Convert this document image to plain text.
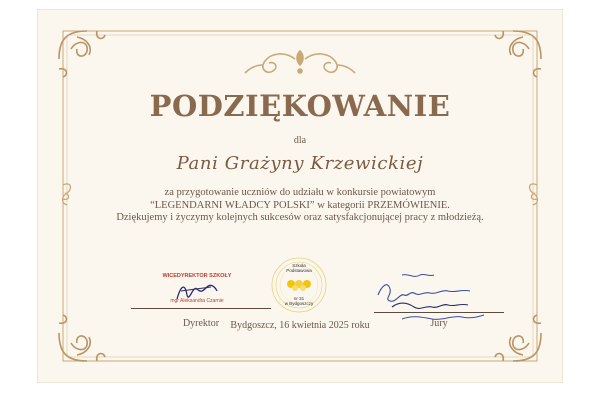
PODZIĘKOWANIE
dla
Pani Grażyny Krzewickiej
za przygotowanie uczniów do udziału w konkursie powiatowym
“LEGENDARNI WŁADCY POLSKI” w kategorii PRZEMÓWIENIE.
Dziękujemy i życzymy kolejnych sukcesów oraz satysfakcjonującej pracy z młodzieżą.
WICEDYREKTOR SZKOŁY
mgr Aleksandra Czarnie
Dyrektor
Szkoła
Podstawowa
nr 31
w Bydgoszczy
Bydgoszcz, 16 kwietnia 2025 roku	Jury
